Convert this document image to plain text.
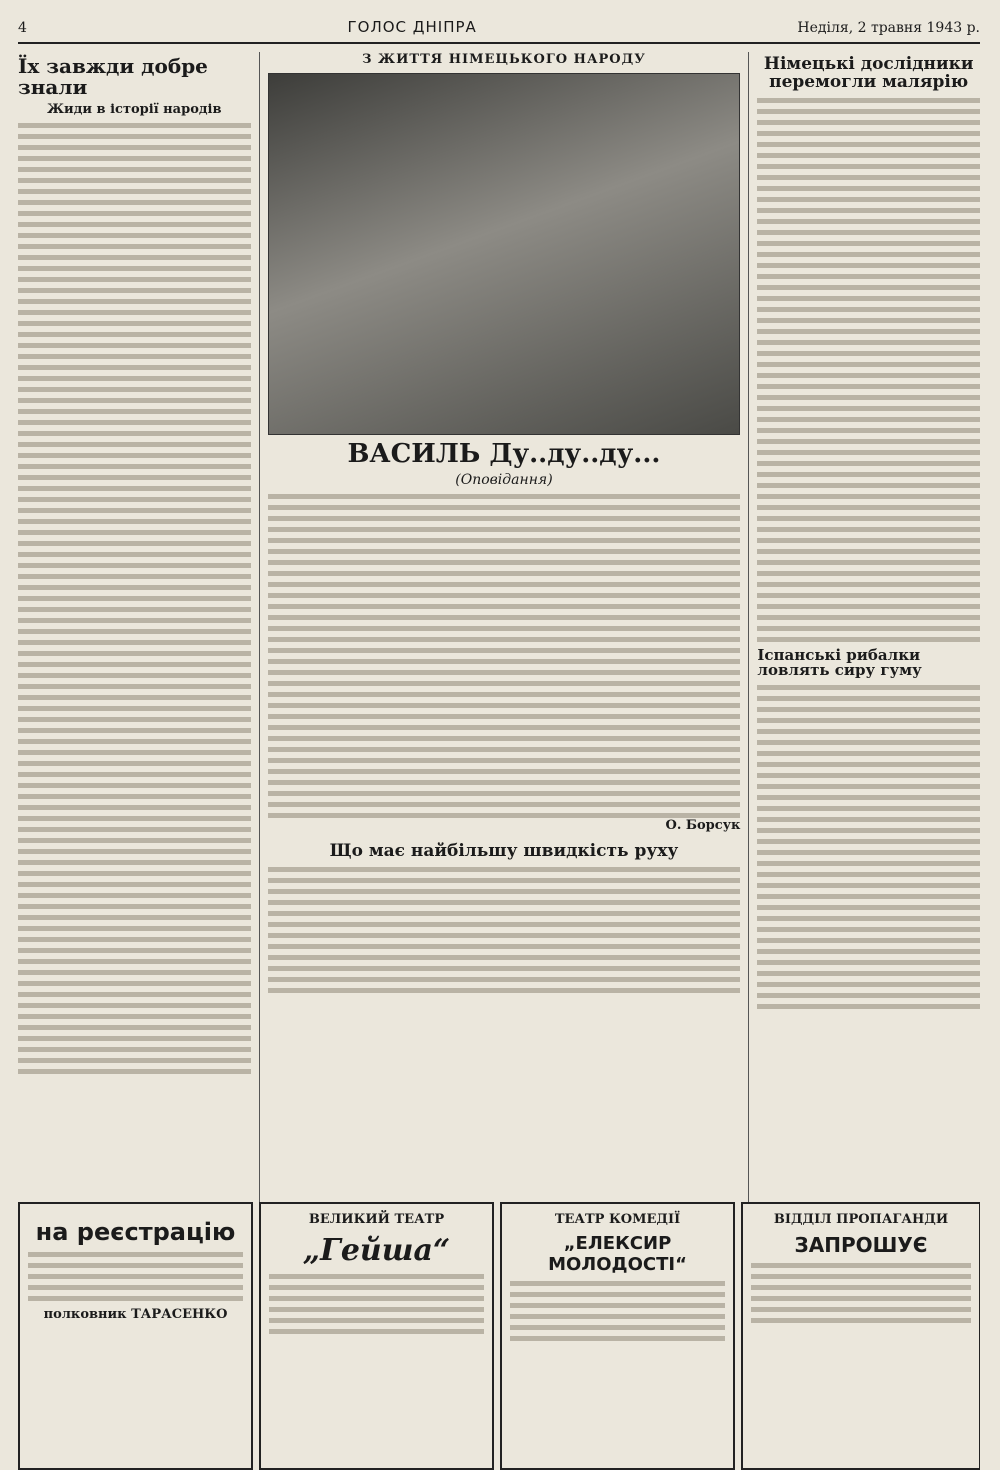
4	ГОЛОС ДНІПРА	Неділя, 2 травня 1943 р.
Їх завжди добре знали
Жиди в історії народів
З ЖИТТЯ НІМЕЦЬКОГО НАРОДУ
ВАСИЛЬ Ду..ду..ду...
(Оповідання)
О. Борсук
Що має найбільшу швидкість руху
Німецькі дослідники перемогли малярію
Іспанські рибалки ловлять сиру гуму
на реєстрацію
полковник ТАРАСЕНКО
ВЕЛИКИЙ ТЕАТР
„Гейша“
ТЕАТР КОМЕДІЇ
„ЕЛЕКСИР МОЛОДОСТІ“
ВІДДІЛ ПРОПАГАНДИ
ЗАПРОШУЄ
